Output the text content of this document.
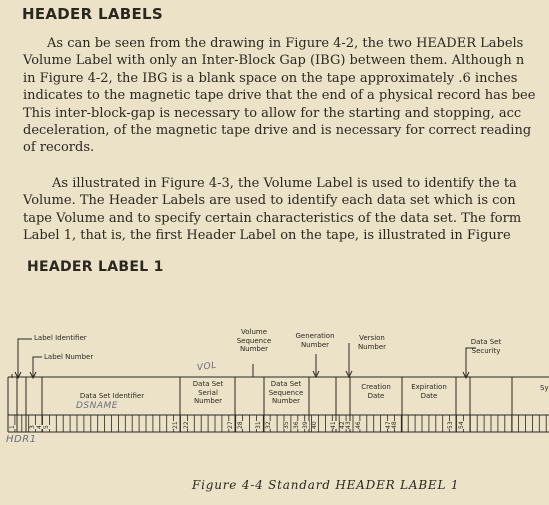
HEADER LABELS
As can be seen from the drawing in Figure 4-2, the two HEADER Labels
Volume Label with only an Inter-Block Gap (IBG) between them. Although n
in Figure 4-2, the IBG is a blank space on the tape approximately .6 inches
indicates to the magnetic tape drive that the end of a physical record has bee
This inter-block-gap is necessary to allow for the starting and stopping, acc
deceleration, of the magnetic tape drive and is necessary for correct reading
of records.
As illustrated in Figure 4-3, the Volume Label is used to identify the ta
Volume. The Header Labels are used to identify each data set which is con
tape Volume and to specify certain characteristics of the data set. The form
Label 1, that is, the first Header Label on the tape, is illustrated in Figure
HEADER LABEL 1
Label Identifier
Label Number
Volume
Sequence
Number
Generation
Number
Version
Number
Data Set
Security
Data Set Identifier
Data Set
Serial
Number
Data Set
Sequence
Number
Creation
Date
Expiration
Date
Sy
1 3 4 5	21 22	27 28 31 32 35 36 39 40 41 42 43 46	47 48	53 54
DSNAME
VOL
HDR1
Figure 4-4 Standard HEADER LABEL 1
